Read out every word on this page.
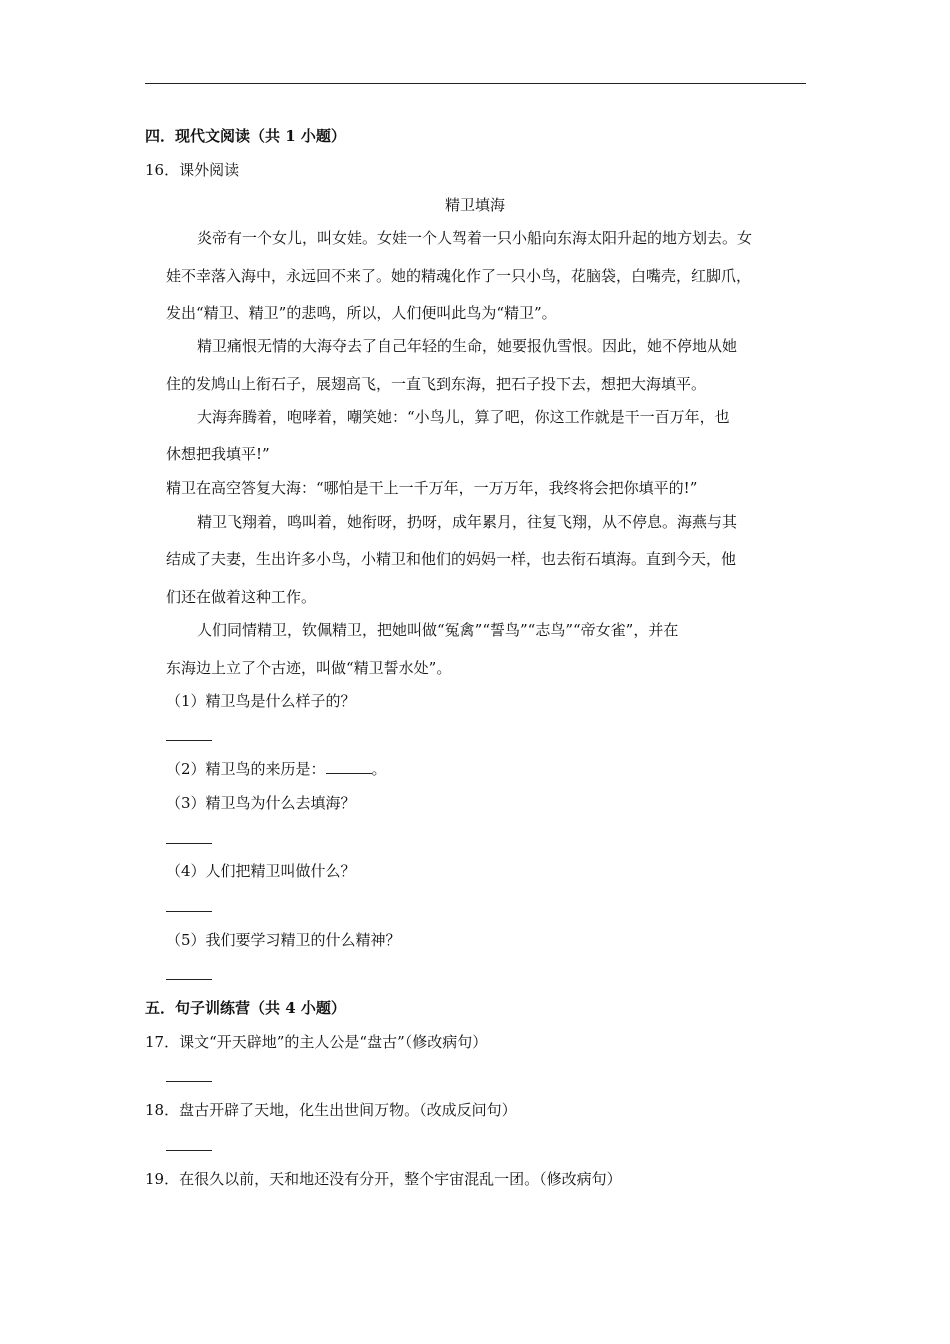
四．现代文阅读（共 1 小题）
16．课外阅读
精卫填海
炎帝有一个女儿，叫女娃。女娃一个人驾着一只小船向东海太阳升起的地方划去。女
娃不幸落入海中，永远回不来了。她的精魂化作了一只小鸟，花脑袋，白嘴壳，红脚爪，
发出“精卫、精卫”的悲鸣，所以，人们便叫此鸟为“精卫”。
精卫痛恨无情的大海夺去了自己年轻的生命，她要报仇雪恨。因此，她不停地从她
住的发鸠山上衔石子，展翅高飞，一直飞到东海，把石子投下去，想把大海填平。
大海奔腾着，咆哮着，嘲笑她：“小鸟儿，算了吧，你这工作就是干一百万年，也
休想把我填平!”
精卫在高空答复大海：“哪怕是干上一千万年，一万万年，我终将会把你填平的!”
精卫飞翔着，鸣叫着，她衔呀，扔呀，成年累月，往复飞翔，从不停息。海燕与其
结成了夫妻，生出许多小鸟，小精卫和他们的妈妈一样，也去衔石填海。直到今天，他
们还在做着这种工作。
人们同情精卫，钦佩精卫，把她叫做“冤禽”“誓鸟”“志鸟”“帝女雀”，并在
东海边上立了个古迹，叫做“精卫誓水处”。
（1）精卫鸟是什么样子的？
（2）精卫鸟的来历是：	。
（3）精卫鸟为什么去填海？
（4）人们把精卫叫做什么？
（5）我们要学习精卫的什么精神？
五．句子训练营（共 4 小题）
17．课文“开天辟地”的主人公是“盘古”（修改病句）
18．盘古开辟了天地，化生出世间万物。（改成反问句）
19．在很久以前，天和地还没有分开，整个宇宙混乱一团。（修改病句）
